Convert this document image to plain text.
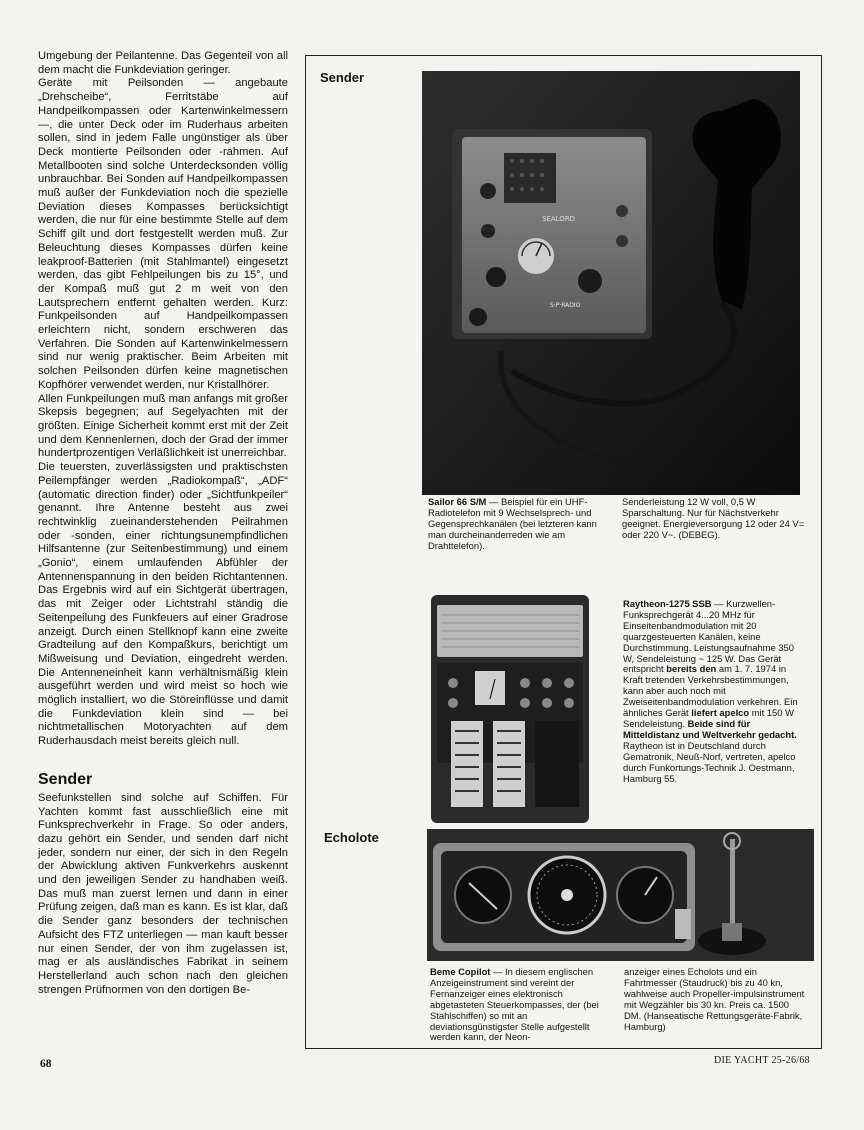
Umgebung der Peilantenne. Das Gegenteil von all dem macht die Funkdeviation geringer.

Geräte mit Peilsonden — angebaute „Drehscheibe“, Ferritstäbe auf Handpeilkompassen oder Kartenwinkelmessern —, die unter Deck oder im Ruderhaus arbeiten sollen, sind in jedem Falle ungünstiger als über Deck montierte Peilsonden oder -rahmen. Auf Metallbooten sind solche Unterdecksonden völlig unbrauchbar. Bei Sonden auf Handpeilkompassen muß außer der Funkdeviation noch die spezielle Deviation dieses Kompasses berücksichtigt werden, die nur für eine bestimmte Stelle auf dem Schiff gilt und dort festgestellt werden muß. Zur Beleuchtung dieses Kompasses dürfen keine leakproof-Batterien (mit Stahlmantel) eingesetzt werden, das gibt Fehlpeilungen bis zu 15°, und der Kompaß muß gut 2 m weit von den Lautsprechern entfernt gehalten werden. Kurz: Funkpeilsonden auf Handpeilkompassen erleichtern nicht, sondern erschweren das Verfahren. Die Sonden auf Kartenwinkelmessern sind nur wenig praktischer. Beim Arbeiten mit solchen Peilsonden dürfen keine magnetischen Kopfhörer verwendet werden, nur Kristallhörer.

Allen Funkpeilungen muß man anfangs mit großer Skepsis begegnen; auf Segelyachten mit der größten. Einige Sicherheit kommt erst mit der Zeit und dem Kennenlernen, doch der Grad der immer hundertprozentigen Verläßlichkeit ist unerreichbar.

Die teuersten, zuverlässigsten und praktischsten Peilempfänger werden „Radiokompaß“, „ADF“ (automatic direction finder) oder „Sichtfunkpeiler“ genannt. Ihre Antenne besteht aus zwei rechtwinklig zueinanderstehenden Peilrahmen oder -sonden, einer richtungsunempfindlichen Hilfsantenne (zur Seitenbestimmung) und einem „Gonio“, einem umlaufenden Abfühler der Antennenspannung in den beiden Richtantennen. Das Ergebnis wird auf ein Sichtgerät übertragen, das mit Zeiger oder Lichtstrahl ständig die Seitenpeilung des Funkfeuers auf einer Gradrose anzeigt. Durch einen Stellknopf kann eine zweite Gradteilung auf den Kompaßkurs, berichtigt um Mißweisung und Deviation, eingedreht werden. Die Antenneneinheit kann verhältnismäßig klein ausgeführt werden und wird meist so hoch wie möglich installiert, wo die Störeinflüsse und damit die Funkdeviation klein sind — bei nichtmetallischen Motoryachten auf dem Ruderhausdach meist bereits gleich null.

Sender

Seefunkstellen sind solche auf Schiffen. Für Yachten kommt fast ausschließlich eine mit Funksprechverkehr in Frage. So oder anders, dazu gehört ein Sender, und senden darf nicht jeder, sondern nur einer, der sich in den Regeln der Abwicklung aktiven Funkverkehrs auskennt und den jeweiligen Sender zu handhaben weiß. Das muß man zuerst lernen und dann in einer Prüfung zeigen, daß man es kann. Es ist klar, daß die Sender ganz besonders der technischen Aufsicht des FTZ unterliegen — man kauft besser nur einen Sender, der von ihm zugelassen ist, mag er als ausländisches Fabrikat in seinem Herstellerland auch schon nach den gleichen strengen Prüfnormen von den dortigen Be-

Sender
SEALORD
S·P·RADIO
Sailor 66 S/M — Beispiel für ein UHF-Radiotelefon mit 9 Wechselsprech- und Gegensprechkanälen (bei letzteren kann man durcheinanderreden wie am Drahttelefon).
Senderleistung 12 W voll, 0,5 W Sparschaltung. Nur für Nächstverkehr geeignet. Energieversorgung 12 oder 24 V= oder 220 V~. (DEBEG).
Raytheon-1275 SSB — Kurzwellen-Funksprechgerät 4...20 MHz für Einseitenbandmodulation mit 20 quarzgesteuerten Kanälen, keine Durchstimmung. Leistungsaufnahme 350 W, Sendeleistung ~ 125 W. Das Gerät entspricht bereits den am 1. 7. 1974 in Kraft tretenden Verkehrsbestimmungen, kann aber auch noch mit Zweiseitenbandmodulation verkehren. Ein ähnliches Gerät liefert apelco mit 150 W Sendeleistung. Beide sind für Mitteldistanz und Weltverkehr gedacht. Raytheon ist in Deutschland durch Gematronik, Neuß-Norf, vertreten, apelco durch Funkortungs-Technik J. Oestmann, Hamburg 55.
Echolote
Beme Copilot — In diesem englischen Anzeigeinstrument sind vereint der Fernanzeiger eines elektronisch abgetasteten Steuerkompasses, der (bei Stahlschiffen) so mit an deviationsgünstigster Stelle aufgestellt werden kann, der Neon-
anzeiger eines Echolots und ein Fahrtmesser (Staudruck) bis zu 40 kn, wahlweise auch Propeller-impulsinstrument mit Wegzähler bis 30 kn. Preis ca. 1500 DM. (Hanseatische Rettungsgeräte-Fabrik, Hamburg)
68	DIE YACHT 25-26/68
